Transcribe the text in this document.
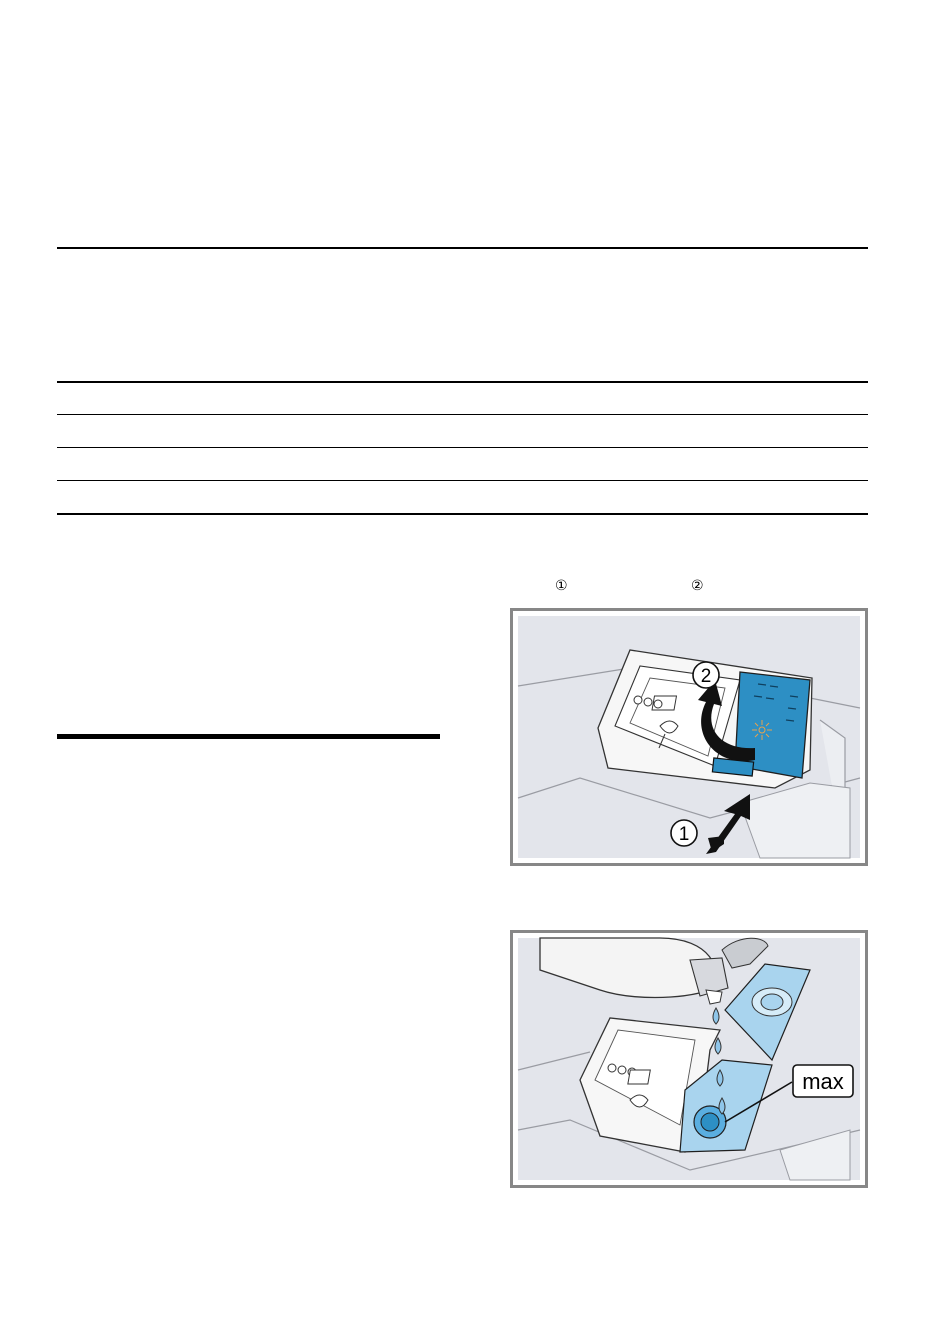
①	②
2
1
max
